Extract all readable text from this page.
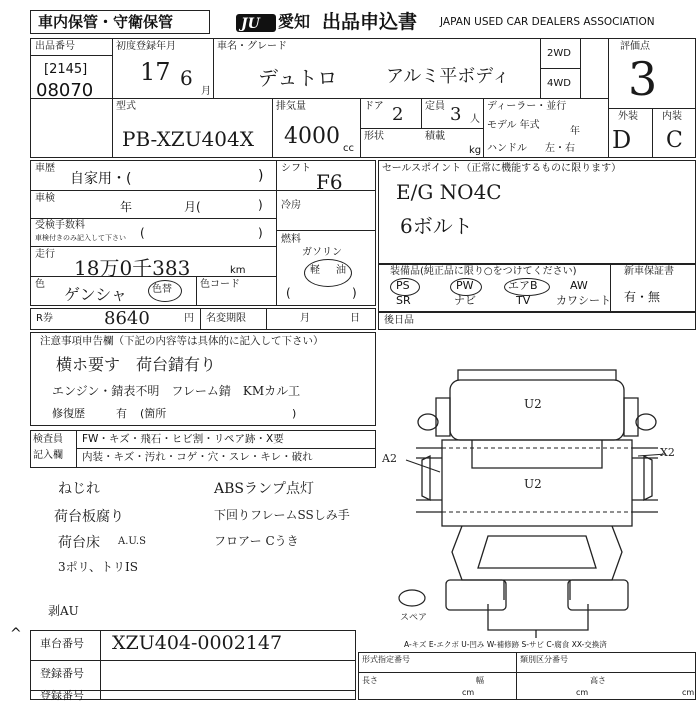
車内保管・守衛保管	JU 愛知 出品申込書 JAPAN USED CAR DEALERS ASSOCIATION
出品番号
[2145]
08070
初度登録年月
17 6
月
車名・グレード
デュトロ	アルミ平ボディ
2WD
4WD
評価点
3
型式
PB-XZU404X
排気量
4000 cc
ドア 2 定員 3 人
形状	積載
kg
ディーラー・並行
モデル 年式
年
ハンドル 左・右
外装 内装
D C
車歴
自家用・(	)
車検
年	月(	)
受検手数料
車検付きのみ記入して下さい (	)
走行
18万0千383	km
色
ゲンシャ	色替	色コード
シフト
F6
冷房
燃料
ガソリン
軽 油
(	)
R券	8640	円 名変期限	月	日
セールスポイント（正常に機能するものに限ります）
E/G NO4C
6ボルト
装備品(純正品に限り○をつけてください)	新車保証書
有・無
PS	PW	エアB	AW
SR	ナビ	TV カワシート
後日品
注意事項申告欄（下記の内容等は具体的に記入して下さい）
横ホ要す　荷台錆有り
エンジン・錆表不明　フレーム錆　KMカル工
修復歴	有 (箇所	)
検査員
記入欄
FW・キズ・飛石・ヒビ割・リペア跡・X要
内装・キズ・汚れ・コゲ・穴・スレ・キレ・破れ
ねじれ
荷台板腐り
荷台床 A.U.S
3ポリ、トリIS
剥AU
ABSランプ点灯
下回りフレームSSしみ手
フロアー Cうき
U2
U2
A2	X2
スペア
A-キズ E-エクボ U-凹み W-補修跡 S-サビ C-腐食 XX-交換済
^
車台番号 XZU404-0002147
登録番号
登録番号
形式指定番号	類別区分番号
長さ	幅	高さ
cm	cm	cm
